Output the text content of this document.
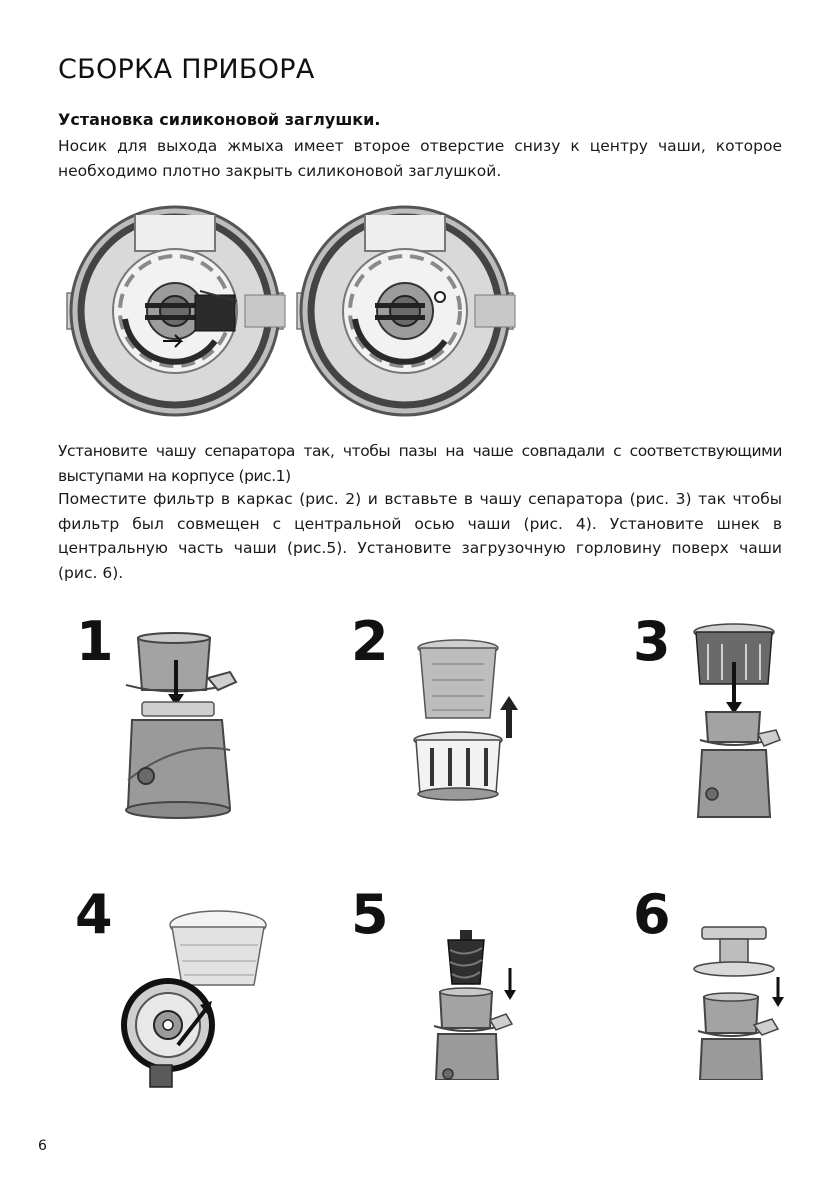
СБОРКА ПРИБОРА
Установка силиконовой заглушки.

Носик для выхода жмыха имеет второе отверстие снизу к центру чаши, которое необходимо плотно закрыть силиконовой заглушкой.

Установите чашу сепаратора так, чтобы пазы на чаше совпадали с соответствующими выступами на корпусе (рис.1)

Поместите фильтр в каркас (рис. 2) и вставьте в чашу сепаратора (рис. 3) так чтобы фильтр был совмещен с центральной осью чаши (рис. 4). Установите шнек в центральную часть чаши (рис.5). Установите загрузочную горловину поверх чаши (рис. 6).

1	2	3
4	5	6
6
